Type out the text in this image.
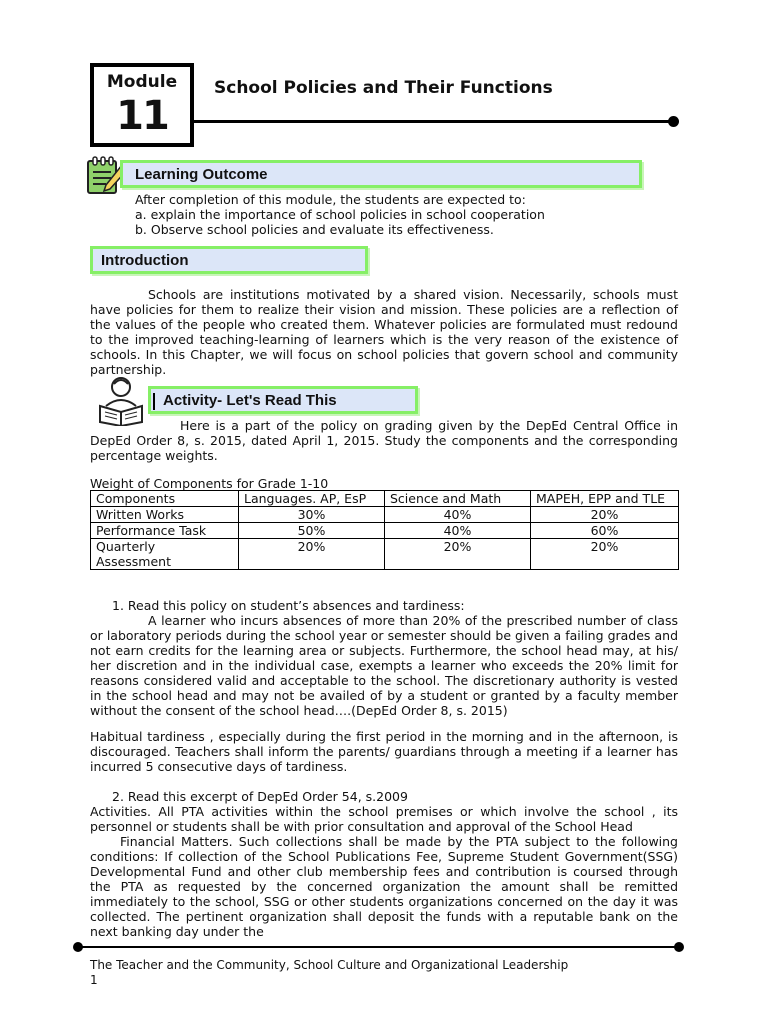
Module
11
School Policies and Their Functions
Learning Outcome
After completion of this module, the students are expected to:
a. explain the importance of school policies in school cooperation
b. Observe school policies and evaluate its effectiveness.
Introduction
Schools are institutions motivated by a shared vision. Necessarily, schools must have policies for them to realize their vision and mission. These policies are a reflection of the values of the people who created them. Whatever policies are formulated must redound to the improved teaching-learning of learners which is the very reason of the existence of schools. In this Chapter, we will focus on school policies that govern school and community partnership.
Activity- Let's Read This
Here is a part of the policy on grading given by the DepEd Central Office in DepEd Order 8, s. 2015, dated April 1, 2015. Study the components and the corresponding percentage weights.
Weight of Components for Grade 1-10
Components	Languages. AP, EsP	Science and Math	MAPEH, EPP and TLE
Written Works	30%	40%	20%
Performance Task	50%	40%	60%
Quarterly Assessment	20%	20%	20%
1. Read this policy on student’s absences and tardiness:
A learner who incurs absences of more than 20% of the prescribed number of class or laboratory periods during the school year or semester should be given a failing grades and not earn credits for the learning area or subjects. Furthermore, the school head may, at his/ her discretion and in the individual case, exempts a learner who exceeds the 20% limit for reasons considered valid and acceptable to the school. The discretionary authority is vested in the school head and may not be availed of by a student or granted by a faculty member without the consent of the school head….(DepEd Order 8, s. 2015)
Habitual tardiness , especially during the first period in the morning and in the afternoon, is discouraged. Teachers shall inform the parents/ guardians through a meeting if a learner has incurred 5 consecutive days of tardiness.
2. Read this excerpt of DepEd Order 54, s.2009
Activities. All PTA activities within the school premises or which involve the school , its personnel or students shall be with prior consultation and approval of the School Head
Financial Matters. Such collections shall be made by the PTA subject to the following conditions: If collection of the School Publications Fee, Supreme Student Government(SSG) Developmental Fund and other club membership fees and contribution is coursed through the PTA as requested by the concerned organization the amount shall be remitted immediately to the school, SSG or other students organizations concerned on the day it was collected. The pertinent organization shall deposit the funds with a reputable bank on the next banking day under the
The Teacher and the Community, School Culture and Organizational Leadership
1
